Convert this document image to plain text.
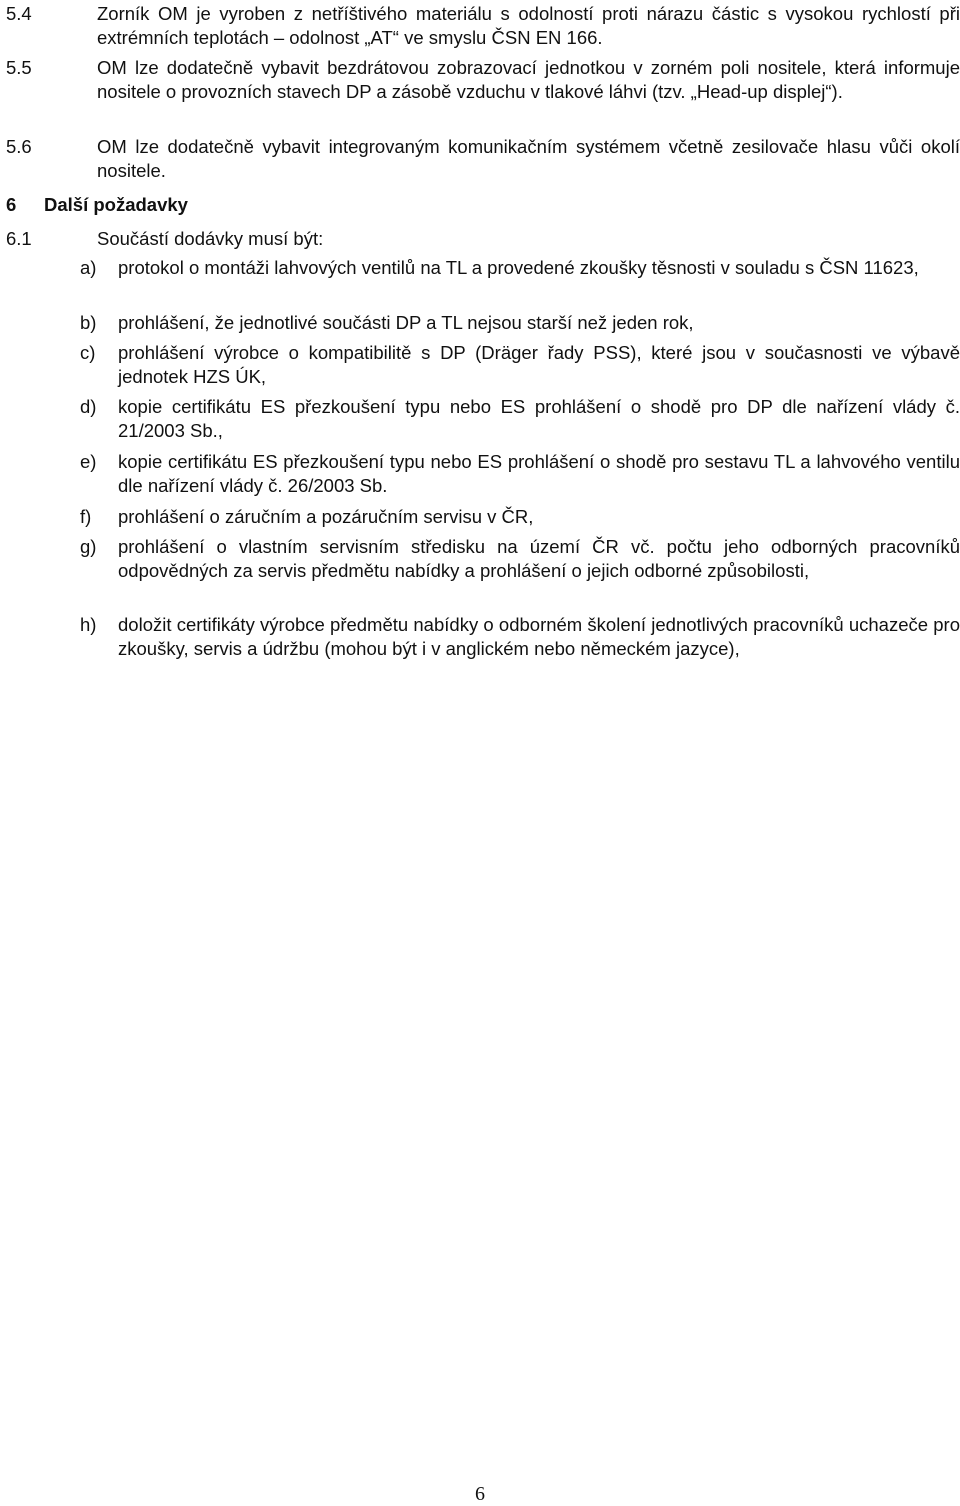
5.4	Zorník OM je vyroben z netříštivého materiálu s odolností proti nárazu částic s vysokou rychlostí při extrémních teplotách – odolnost „AT“ ve smyslu ČSN EN 166.
5.5	OM lze dodatečně vybavit bezdrátovou zobrazovací jednotkou v zorném poli nositele, která informuje nositele o provozních stavech DP a zásobě vzduchu v tlakové láhvi (tzv. „Head-up displej“).
5.6	OM lze dodatečně vybavit integrovaným komunikačním systémem včetně zesilovače hlasu vůči okolí nositele.
6 Další požadavky
6.1	Součástí dodávky musí být:
a) protokol o montáži lahvových ventilů na TL a provedené zkoušky těsnosti v souladu s ČSN 11623,
b) prohlášení, že jednotlivé součásti DP a TL nejsou starší než jeden rok,
c) prohlášení výrobce o kompatibilitě s DP (Dräger řady PSS), které jsou v současnosti ve výbavě jednotek HZS ÚK,
d) kopie certifikátu ES přezkoušení typu nebo ES prohlášení o shodě pro DP dle nařízení vlády č. 21/2003 Sb.,
e) kopie certifikátu ES přezkoušení typu nebo ES prohlášení o shodě pro sestavu TL a lahvového ventilu dle nařízení vlády č. 26/2003 Sb.
f) prohlášení o záručním a pozáručním servisu v ČR,
g) prohlášení o vlastním servisním středisku na území ČR vč. počtu jeho odborných pracovníků odpovědných za servis předmětu nabídky a prohlášení o jejich odborné způsobilosti,
h) doložit certifikáty výrobce předmětu nabídky o odborném školení jednotlivých pracovníků uchazeče pro zkoušky, servis a údržbu (mohou být i v anglickém nebo německém jazyce),
6
